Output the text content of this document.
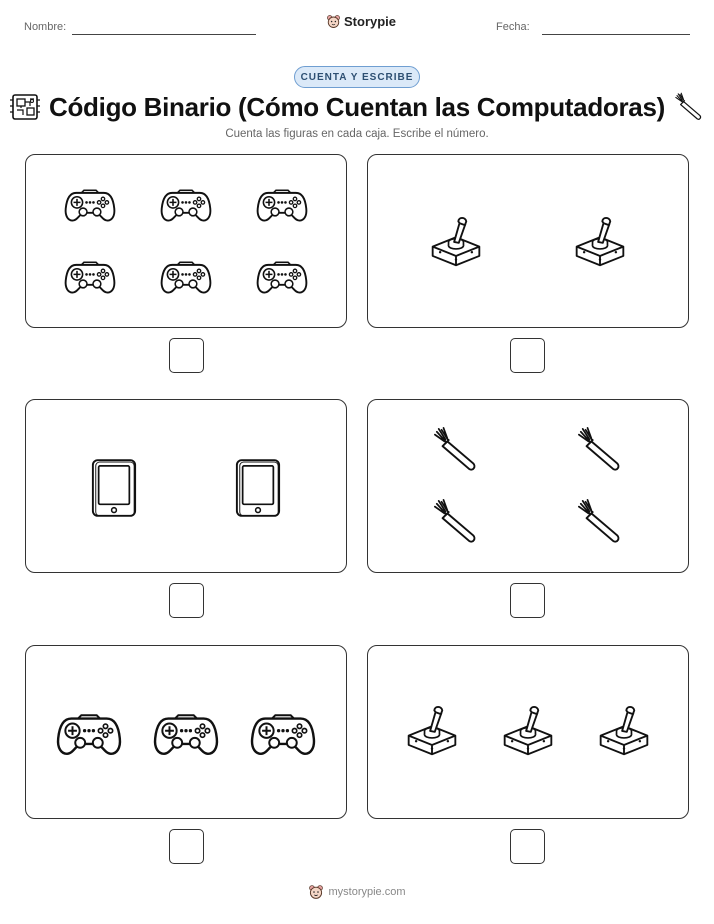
Nombre:	Storypie	Fecha:
CUENTA Y ESCRIBE
Código Binario (Cómo Cuentan las Computadoras)
Cuenta las figuras en cada caja. Escribe el número.
mystorypie.com
